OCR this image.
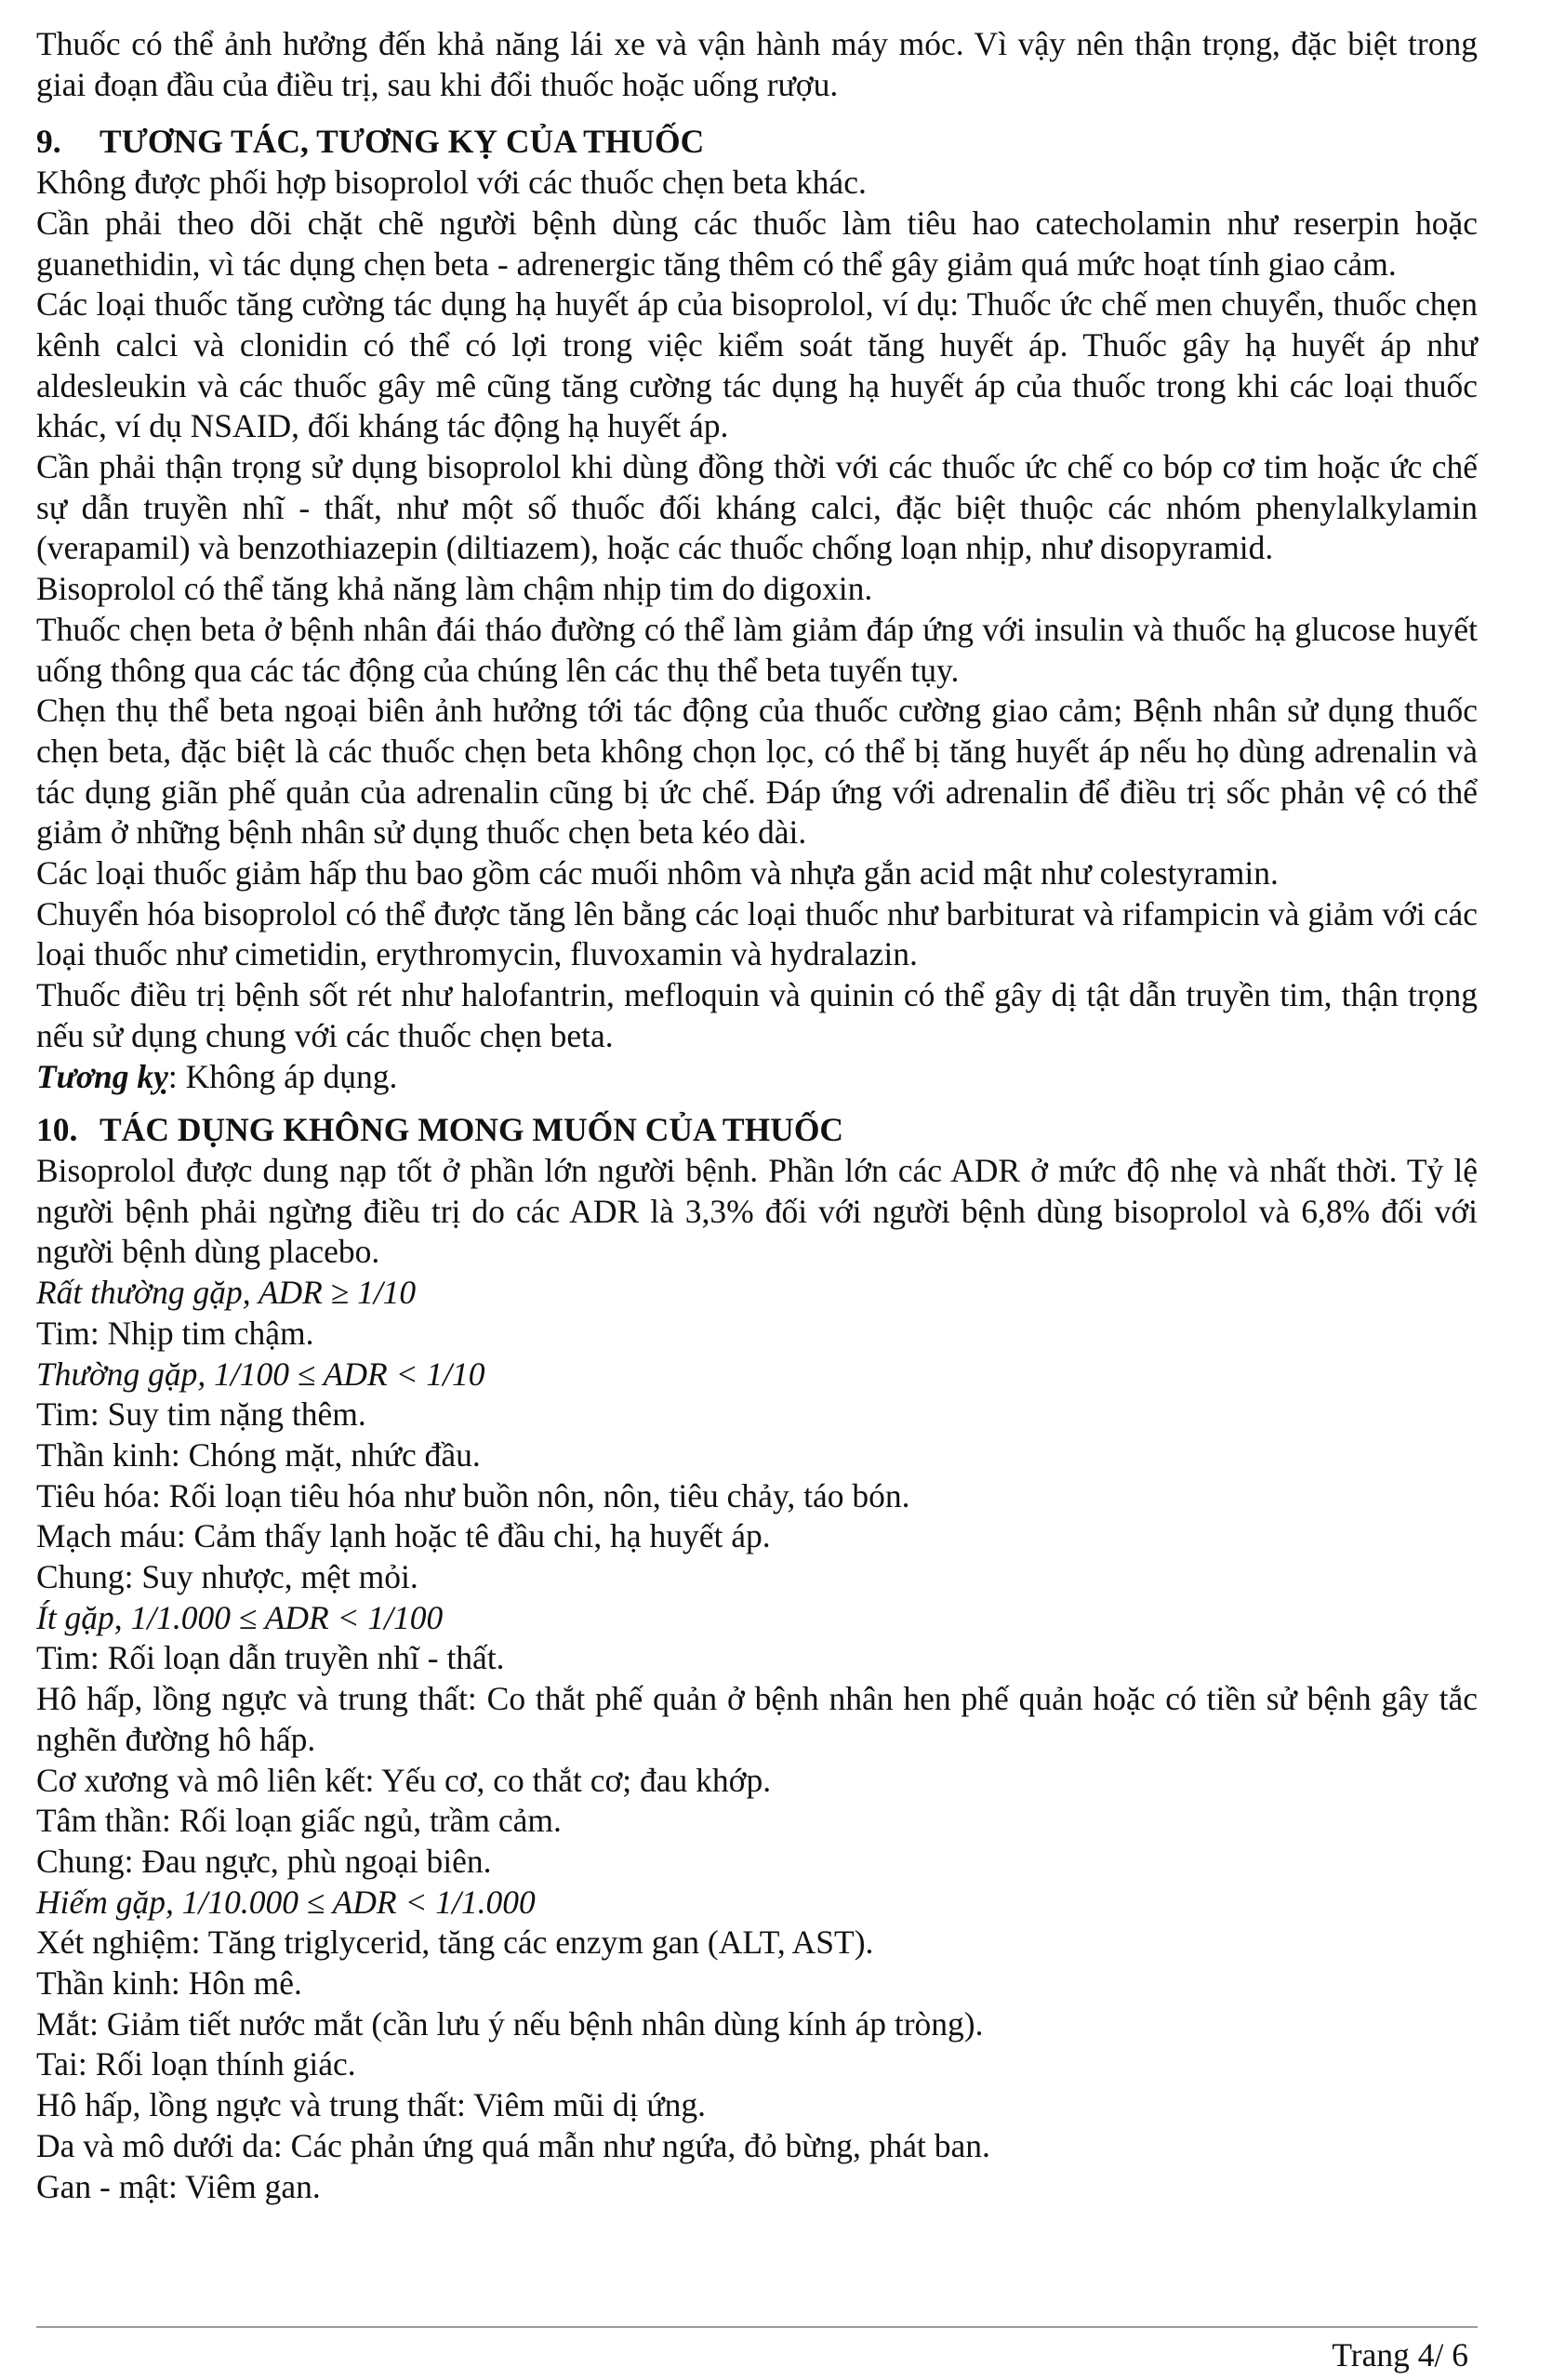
Thuốc có thể ảnh hưởng đến khả năng lái xe và vận hành máy móc. Vì vậy nên thận trọng, đặc biệt trong giai đoạn đầu của điều trị, sau khi đổi thuốc hoặc uống rượu.

9. TƯƠNG TÁC, TƯƠNG KỴ CỦA THUỐC

Không được phối hợp bisoprolol với các thuốc chẹn beta khác.

Cần phải theo dõi chặt chẽ người bệnh dùng các thuốc làm tiêu hao catecholamin như reserpin hoặc guanethidin, vì tác dụng chẹn beta - adrenergic tăng thêm có thể gây giảm quá mức hoạt tính giao cảm.

Các loại thuốc tăng cường tác dụng hạ huyết áp của bisoprolol, ví dụ: Thuốc ức chế men chuyển, thuốc chẹn kênh calci và clonidin có thể có lợi trong việc kiểm soát tăng huyết áp. Thuốc gây hạ huyết áp như aldesleukin và các thuốc gây mê cũng tăng cường tác dụng hạ huyết áp của thuốc trong khi các loại thuốc khác, ví dụ NSAID, đối kháng tác động hạ huyết áp.

Cần phải thận trọng sử dụng bisoprolol khi dùng đồng thời với các thuốc ức chế co bóp cơ tim hoặc ức chế sự dẫn truyền nhĩ - thất, như một số thuốc đối kháng calci, đặc biệt thuộc các nhóm phenylalkylamin (verapamil) và benzothiazepin (diltiazem), hoặc các thuốc chống loạn nhịp, như disopyramid.

Bisoprolol có thể tăng khả năng làm chậm nhịp tim do digoxin.

Thuốc chẹn beta ở bệnh nhân đái tháo đường có thể làm giảm đáp ứng với insulin và thuốc hạ glucose huyết uống thông qua các tác động của chúng lên các thụ thể beta tuyến tụy.

Chẹn thụ thể beta ngoại biên ảnh hưởng tới tác động của thuốc cường giao cảm; Bệnh nhân sử dụng thuốc chẹn beta, đặc biệt là các thuốc chẹn beta không chọn lọc, có thể bị tăng huyết áp nếu họ dùng adrenalin và tác dụng giãn phế quản của adrenalin cũng bị ức chế. Đáp ứng với adrenalin để điều trị sốc phản vệ có thể giảm ở những bệnh nhân sử dụng thuốc chẹn beta kéo dài.

Các loại thuốc giảm hấp thu bao gồm các muối nhôm và nhựa gắn acid mật như colestyramin.

Chuyển hóa bisoprolol có thể được tăng lên bằng các loại thuốc như barbiturat và rifampicin và giảm với các loại thuốc như cimetidin, erythromycin, fluvoxamin và hydralazin.

Thuốc điều trị bệnh sốt rét như halofantrin, mefloquin và quinin có thể gây dị tật dẫn truyền tim, thận trọng nếu sử dụng chung với các thuốc chẹn beta.

Tương kỵ: Không áp dụng.

10. TÁC DỤNG KHÔNG MONG MUỐN CỦA THUỐC

Bisoprolol được dung nạp tốt ở phần lớn người bệnh. Phần lớn các ADR ở mức độ nhẹ và nhất thời. Tỷ lệ người bệnh phải ngừng điều trị do các ADR là 3,3% đối với người bệnh dùng bisoprolol và 6,8% đối với người bệnh dùng placebo.

Rất thường gặp, ADR ≥ 1/10

Tim: Nhịp tim chậm.

Thường gặp, 1/100 ≤ ADR < 1/10

Tim: Suy tim nặng thêm.

Thần kinh: Chóng mặt, nhức đầu.

Tiêu hóa: Rối loạn tiêu hóa như buồn nôn, nôn, tiêu chảy, táo bón.

Mạch máu: Cảm thấy lạnh hoặc tê đầu chi, hạ huyết áp.

Chung: Suy nhược, mệt mỏi.

Ít gặp, 1/1.000 ≤ ADR < 1/100

Tim: Rối loạn dẫn truyền nhĩ - thất.

Hô hấp, lồng ngực và trung thất: Co thắt phế quản ở bệnh nhân hen phế quản hoặc có tiền sử bệnh gây tắc nghẽn đường hô hấp.

Cơ xương và mô liên kết: Yếu cơ, co thắt cơ; đau khớp.

Tâm thần: Rối loạn giấc ngủ, trầm cảm.

Chung: Đau ngực, phù ngoại biên.

Hiếm gặp, 1/10.000 ≤ ADR < 1/1.000

Xét nghiệm: Tăng triglycerid, tăng các enzym gan (ALT, AST).

Thần kinh: Hôn mê.

Mắt: Giảm tiết nước mắt (cần lưu ý nếu bệnh nhân dùng kính áp tròng).

Tai: Rối loạn thính giác.

Hô hấp, lồng ngực và trung thất: Viêm mũi dị ứng.

Da và mô dưới da: Các phản ứng quá mẫn như ngứa, đỏ bừng, phát ban.

Gan - mật: Viêm gan.

Trang 4/ 6
